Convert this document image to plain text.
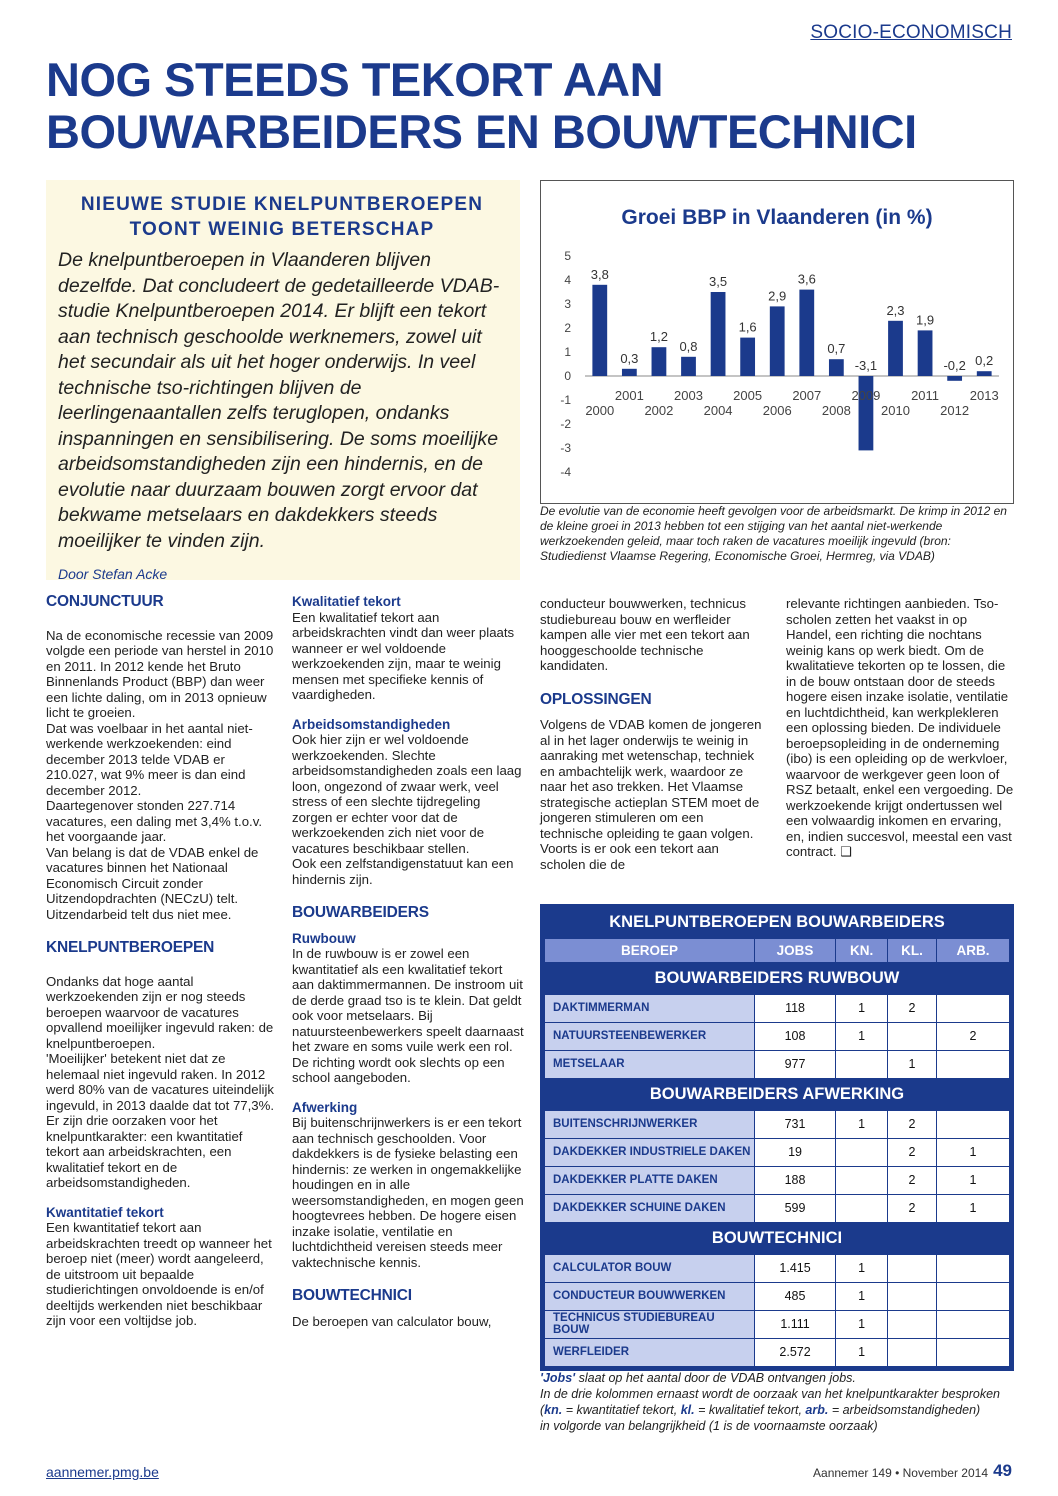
SOCIO-ECONOMISCH
NOG STEEDS TEKORT AAN
BOUWARBEIDERS EN BOUWTECHNICI
NIEUWE STUDIE KNELPUNTBEROEPEN
TOONT WEINIG BETERSCHAP

De knelpuntberoepen in Vlaanderen blijven dezelfde. Dat concludeert de gedetailleerde VDAB-studie Knelpuntberoepen 2014. Er blijft een tekort aan technisch geschoolde werknemers, zowel uit het secundair als uit het hoger onderwijs. In veel technische tso-richtingen blijven de leerlingenaantallen zelfs teruglopen, ondanks inspanningen en sensibilisering. De soms moeilijke arbeidsomstandigheden zijn een hindernis, en de evolutie naar duurzaam bouwen zorgt ervoor dat bekwame metselaars en dakdekkers steeds moeilijker te vinden zijn.

Door Stefan Acke

Groei BBP in Vlaanderen (in %)
5
4
3
2
1
0
-1
-2
-3
-4
3,8
2000
0,3
2001
1,2
2002
0,8
2003
3,5
2004
1,6
2005
2,9
2006
3,6
2007
0,7
2008
-3,1
2009
2,3
2010
1,9
2011
-0,2
2012
0,2
2013

De evolutie van de economie heeft gevolgen voor de arbeidsmarkt. De krimp in 2012 en de kleine groei in 2013 hebben tot een stijging van het aantal niet-werkende werkzoekenden geleid, maar toch raken de vacatures moeilijk ingevuld (bron: Studiedienst Vlaamse Regering, Economische Groei, Hermreg, via VDAB)

CONJUNCTUUR

Na de economische recessie van 2009 volgde een periode van herstel in 2010 en 2011. In 2012 kende het Bruto Binnenlands Product (BBP) dan weer een lichte daling, om in 2013 opnieuw licht te groeien.

Dat was voelbaar in het aantal niet-werkende werkzoekenden: eind december 2013 telde VDAB er 210.027, wat 9% meer is dan eind december 2012.

Daartegenover stonden 227.714 vacatures, een daling met 3,4% t.o.v. het voorgaande jaar.

Van belang is dat de VDAB enkel de vacatures binnen het Nationaal Economisch Circuit zonder Uitzendopdrachten (NECzU) telt. Uitzendarbeid telt dus niet mee.

KNELPUNTBEROEPEN

Ondanks dat hoge aantal werkzoekenden zijn er nog steeds beroepen waarvoor de vacatures opvallend moeilijker ingevuld raken: de knelpuntberoepen.

'Moeilijker' betekent niet dat ze helemaal niet ingevuld raken. In 2012 werd 80% van de vacatures uiteindelijk ingevuld, in 2013 daalde dat tot 77,3%.

Er zijn drie oorzaken voor het knelpuntkarakter: een kwantitatief tekort aan arbeidskrachten, een kwalitatief tekort en de arbeidsomstandigheden.

Kwantitatief tekort

Een kwantitatief tekort aan arbeidskrachten treedt op wanneer het beroep niet (meer) wordt aangeleerd, de uitstroom uit bepaalde studierichtingen onvoldoende is en/of deeltijds werkenden niet beschikbaar zijn voor een voltijdse job.

Kwalitatief tekort

Een kwalitatief tekort aan arbeidskrachten vindt dan weer plaats wanneer er wel voldoende werkzoekenden zijn, maar te weinig mensen met specifieke kennis of vaardigheden.

Arbeidsomstandigheden

Ook hier zijn er wel voldoende werkzoekenden. Slechte arbeidsomstandigheden zoals een laag loon, ongezond of zwaar werk, veel stress of een slechte tijdregeling zorgen er echter voor dat de werkzoekenden zich niet voor de vacatures beschikbaar stellen.

Ook een zelfstandigenstatuut kan een hindernis zijn.

BOUWARBEIDERS
Ruwbouw

In de ruwbouw is er zowel een kwantitatief als een kwalitatief tekort aan daktimmermannen. De instroom uit de derde graad tso is te klein. Dat geldt ook voor metselaars. Bij natuursteenbewerkers speelt daarnaast het zware en soms vuile werk een rol. De richting wordt ook slechts op een school aangeboden.

Afwerking

Bij buitenschrijnwerkers is er een tekort aan technisch geschoolden. Voor dakdekkers is de fysieke belasting een hindernis: ze werken in ongemakkelijke houdingen en in alle weersomstandigheden, en mogen geen hoogtevrees hebben. De hogere eisen inzake isolatie, ventilatie en luchtdichtheid vereisen steeds meer vaktechnische kennis.

BOUWTECHNICI

De beroepen van calculator bouw,

conducteur bouwwerken, technicus studiebureau bouw en werfleider kampen alle vier met een tekort aan hooggeschoolde technische kandidaten.

OPLOSSINGEN

Volgens de VDAB komen de jongeren al in het lager onderwijs te weinig in aanraking met wetenschap, techniek en ambachtelijk werk, waardoor ze naar het aso trekken. Het Vlaamse strategische actieplan STEM moet de jongeren stimuleren om een technische opleiding te gaan volgen. Voorts is er ook een tekort aan scholen die de

relevante richtingen aanbieden. Tso-scholen zetten het vaakst in op Handel, een richting die nochtans weinig kans op werk biedt. Om de kwalitatieve tekorten op te lossen, die in de bouw ontstaan door de steeds hogere eisen inzake isolatie, ventilatie en luchtdichtheid, kan werkplekleren een oplossing bieden. De individuele beroepsopleiding in de onderneming (ibo) is een opleiding op de werkvloer, waarvoor de werkgever geen loon of RSZ betaalt, enkel een vergoeding. De werkzoekende krijgt ondertussen wel een volwaardig inkomen en ervaring, en, indien succesvol, meestal een vast contract. ❑

KNELPUNTBEROEPEN BOUWARBEIDERS				
BEROEP	JOBS	KN.	KL.	ARB.
BOUWARBEIDERS RUWBOUW				
DAKTIMMERMAN	118	1	2	
NATUURSTEENBEWERKER	108	1		2
METSELAAR	977		1	
BOUWARBEIDERS AFWERKING				
BUITENSCHRIJNWERKER	731	1	2	
DAKDEKKER INDUSTRIELE DAKEN	19		2	1
DAKDEKKER PLATTE DAKEN	188		2	1
DAKDEKKER SCHUINE DAKEN	599		2	1
BOUWTECHNICI				
CALCULATOR BOUW	1.415	1		
CONDUCTEUR BOUWWERKEN	485	1		
TECHNICUS STUDIEBUREAU BOUW	1.111	1		
WERFLEIDER	2.572	1		
'Jobs' slaat op het aantal door de VDAB ontvangen jobs.
In de drie kolommen ernaast wordt de oorzaak van het knelpuntkarakter besproken
(kn. = kwantitatief tekort, kl. = kwalitatief tekort, arb. = arbeidsomstandigheden)
in volgorde van belangrijkheid (1 is de voornaamste oorzaak)
aannemer.pmg.be	Aannemer 149 • November 2014 49
